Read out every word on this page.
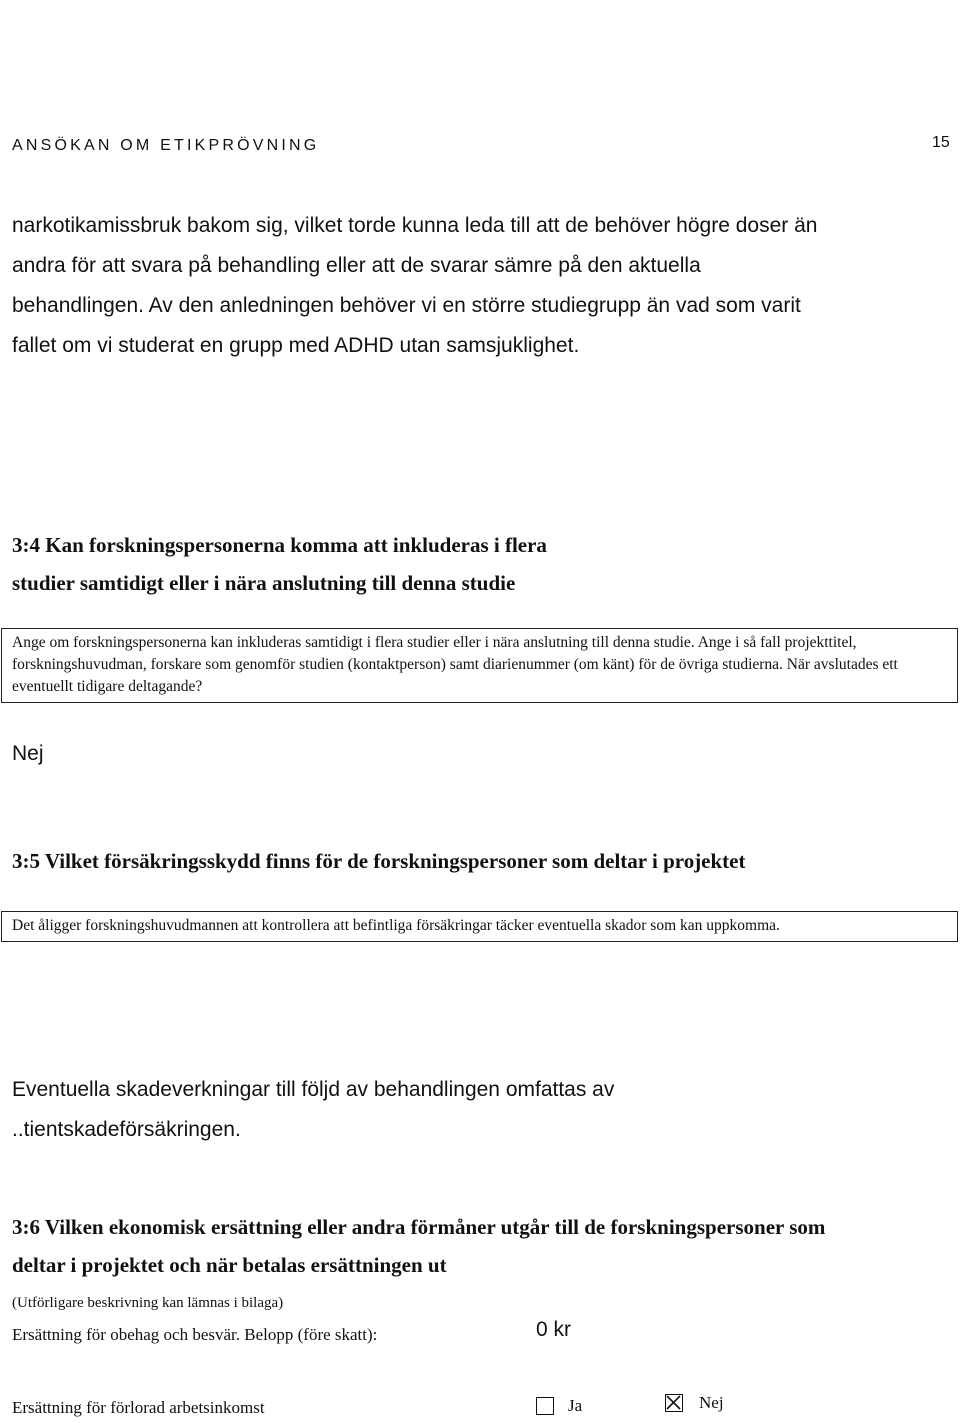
ANSÖKAN OM ETIKPRÖVNING	15
narkotikamissbruk bakom sig, vilket torde kunna leda till att de behöver högre doser än
andra för att svara på behandling eller att de svarar sämre på den aktuella
behandlingen. Av den anledningen behöver vi en större studiegrupp än vad som varit
fallet om vi studerat en grupp med ADHD utan samsjuklighet.
3:4 Kan forskningspersonerna komma att inkluderas i flera
studier samtidigt eller i nära anslutning till denna studie
Ange om forskningspersonerna kan inkluderas samtidigt i flera studier eller i nära anslutning till denna studie. Ange i så fall projekttitel, forskningshuvudman, forskare som genomför studien (kontaktperson) samt diarienummer (om känt) för de övriga studierna. När avslutades ett eventuellt tidigare deltagande?
Nej
3:5 Vilket försäkringsskydd finns för de forskningspersoner som deltar i projektet
Det åligger forskningshuvudmannen att kontrollera att befintliga försäkringar täcker eventuella skador som kan uppkomma.
Eventuella skadeverkningar till följd av behandlingen omfattas av
..tientskadeförsäkringen.
3:6 Vilken ekonomisk ersättning eller andra förmåner utgår till de forskningspersoner som
deltar i projektet och när betalas ersättningen ut
(Utförligare beskrivning kan lämnas i bilaga)
Ersättning för obehag och besvär. Belopp (före skatt):	0 kr
Ersättning för förlorad arbetsinkomst	Ja	Nej
